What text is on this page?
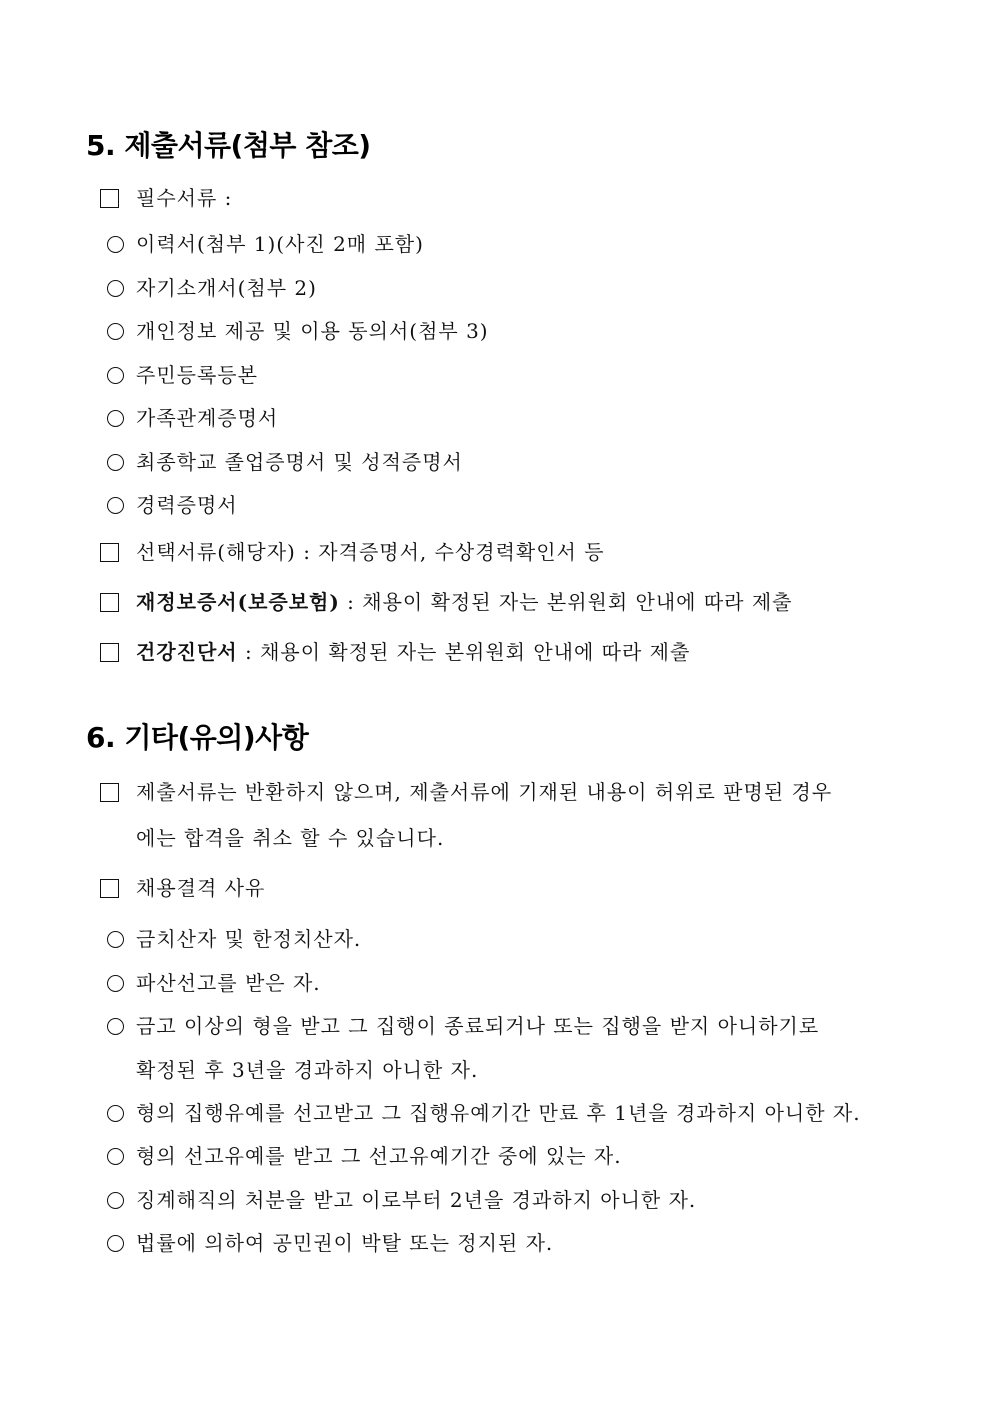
5. 제출서류(첨부 참조)
필수서류 :
이력서(첨부 1)(사진 2매 포함)
자기소개서(첨부 2)
개인정보 제공 및 이용 동의서(첨부 3)
주민등록등본
가족관계증명서
최종학교 졸업증명서 및 성적증명서
경력증명서
선택서류(해당자) : 자격증명서, 수상경력확인서 등
재정보증서(보증보험) : 채용이 확정된 자는 본위원회 안내에 따라 제출
건강진단서 : 채용이 확정된 자는 본위원회 안내에 따라 제출
6. 기타(유의)사항
제출서류는 반환하지 않으며, 제출서류에 기재된 내용이 허위로 판명된 경우
에는 합격을 취소 할 수 있습니다.
채용결격 사유
금치산자 및 한정치산자.
파산선고를 받은 자.
금고 이상의 형을 받고 그 집행이 종료되거나 또는 집행을 받지 아니하기로
확정된 후 3년을 경과하지 아니한 자.
형의 집행유예를 선고받고 그 집행유예기간 만료 후 1년을 경과하지 아니한 자.
형의 선고유예를 받고 그 선고유예기간 중에 있는 자.
징계해직의 처분을 받고 이로부터 2년을 경과하지 아니한 자.
법률에 의하여 공민권이 박탈 또는 정지된 자.
